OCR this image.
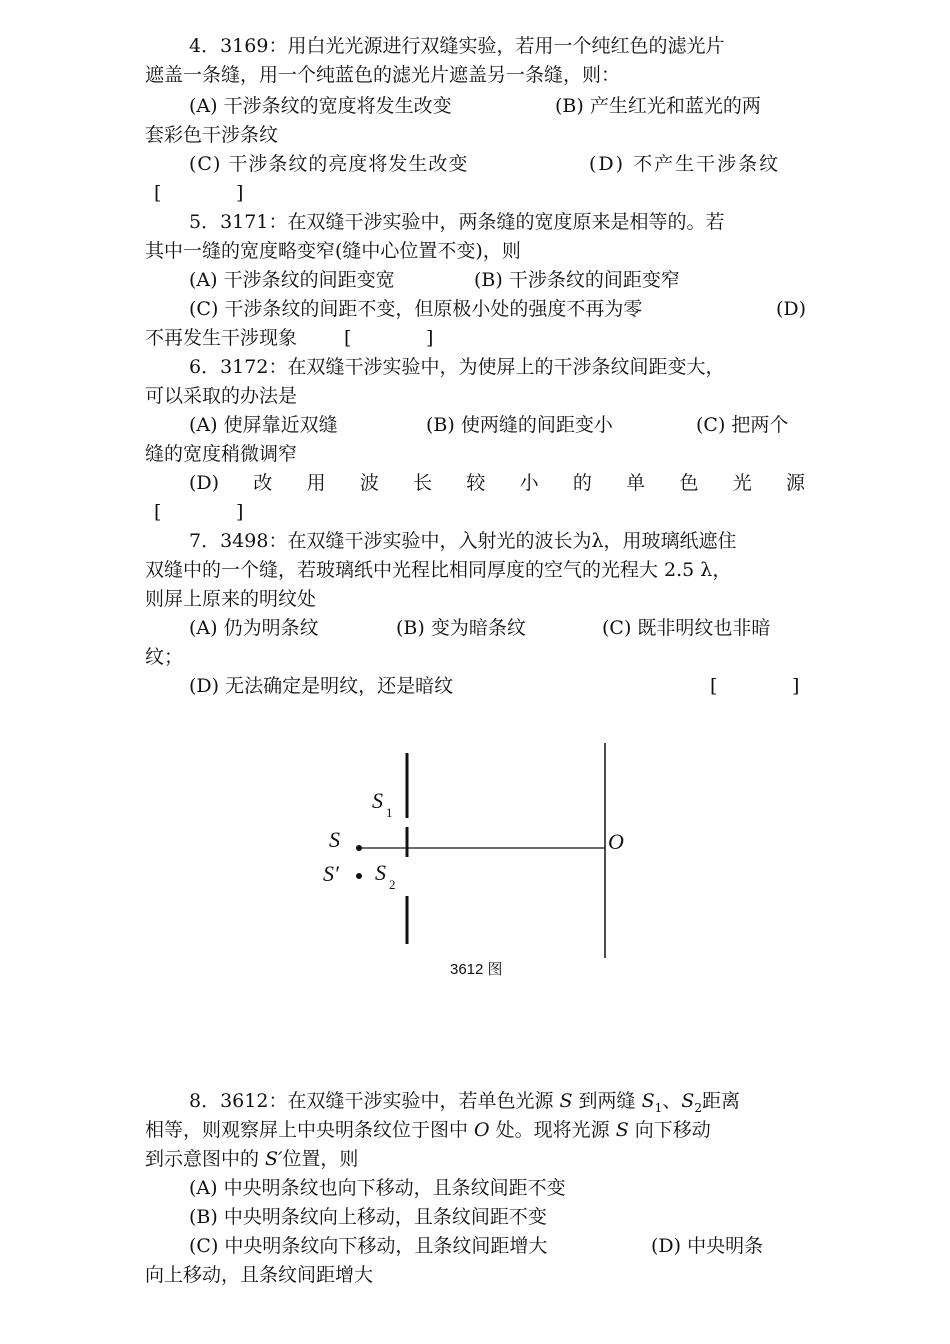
4．3169：用白光光源进行双缝实验，若用一个纯红色的滤光片
遮盖一条缝，用一个纯蓝色的滤光片遮盖另一条缝，则：
(A) 干涉条纹的宽度将发生改变	(B) 产生红光和蓝光的两
套彩色干涉条纹
(C) 干涉条纹的亮度将发生改变	(D) 不产生干涉条纹
[	]
5．3171：在双缝干涉实验中，两条缝的宽度原来是相等的。若
其中一缝的宽度略变窄(缝中心位置不变)，则
(A) 干涉条纹的间距变宽	(B) 干涉条纹的间距变窄
(C) 干涉条纹的间距不变，但原极小处的强度不再为零	(D)
不再发生干涉现象 [	]
6．3172：在双缝干涉实验中，为使屏上的干涉条纹间距变大，
可以采取的办法是
(A) 使屏靠近双缝	(B) 使两缝的间距变小	(C) 把两个
缝的宽度稍微调窄
(D) 改 用 波 长 较 小 的 单 色 光 源
[	]
7．3498：在双缝干涉实验中，入射光的波长为λ，用玻璃纸遮住
双缝中的一个缝，若玻璃纸中光程比相同厚度的空气的光程大 2.5 λ，
则屏上原来的明纹处
(A) 仍为明条纹	(B) 变为暗条纹	(C) 既非明纹也非暗
纹；
(D) 无法确定是明纹，还是暗纹	[	]
S
S′
S 1
S 2
O
3612 图
8．3612：在双缝干涉实验中，若单色光源 S 到两缝 $S_1$、$S_2$距离
相等，则观察屏上中央明条纹位于图中 O 处。现将光源 S 向下移动
到示意图中的 S′位置，则
(A) 中央明条纹也向下移动，且条纹间距不变
(B) 中央明条纹向上移动，且条纹间距不变
(C) 中央明条纹向下移动，且条纹间距增大	(D) 中央明条
向上移动，且条纹间距增大
